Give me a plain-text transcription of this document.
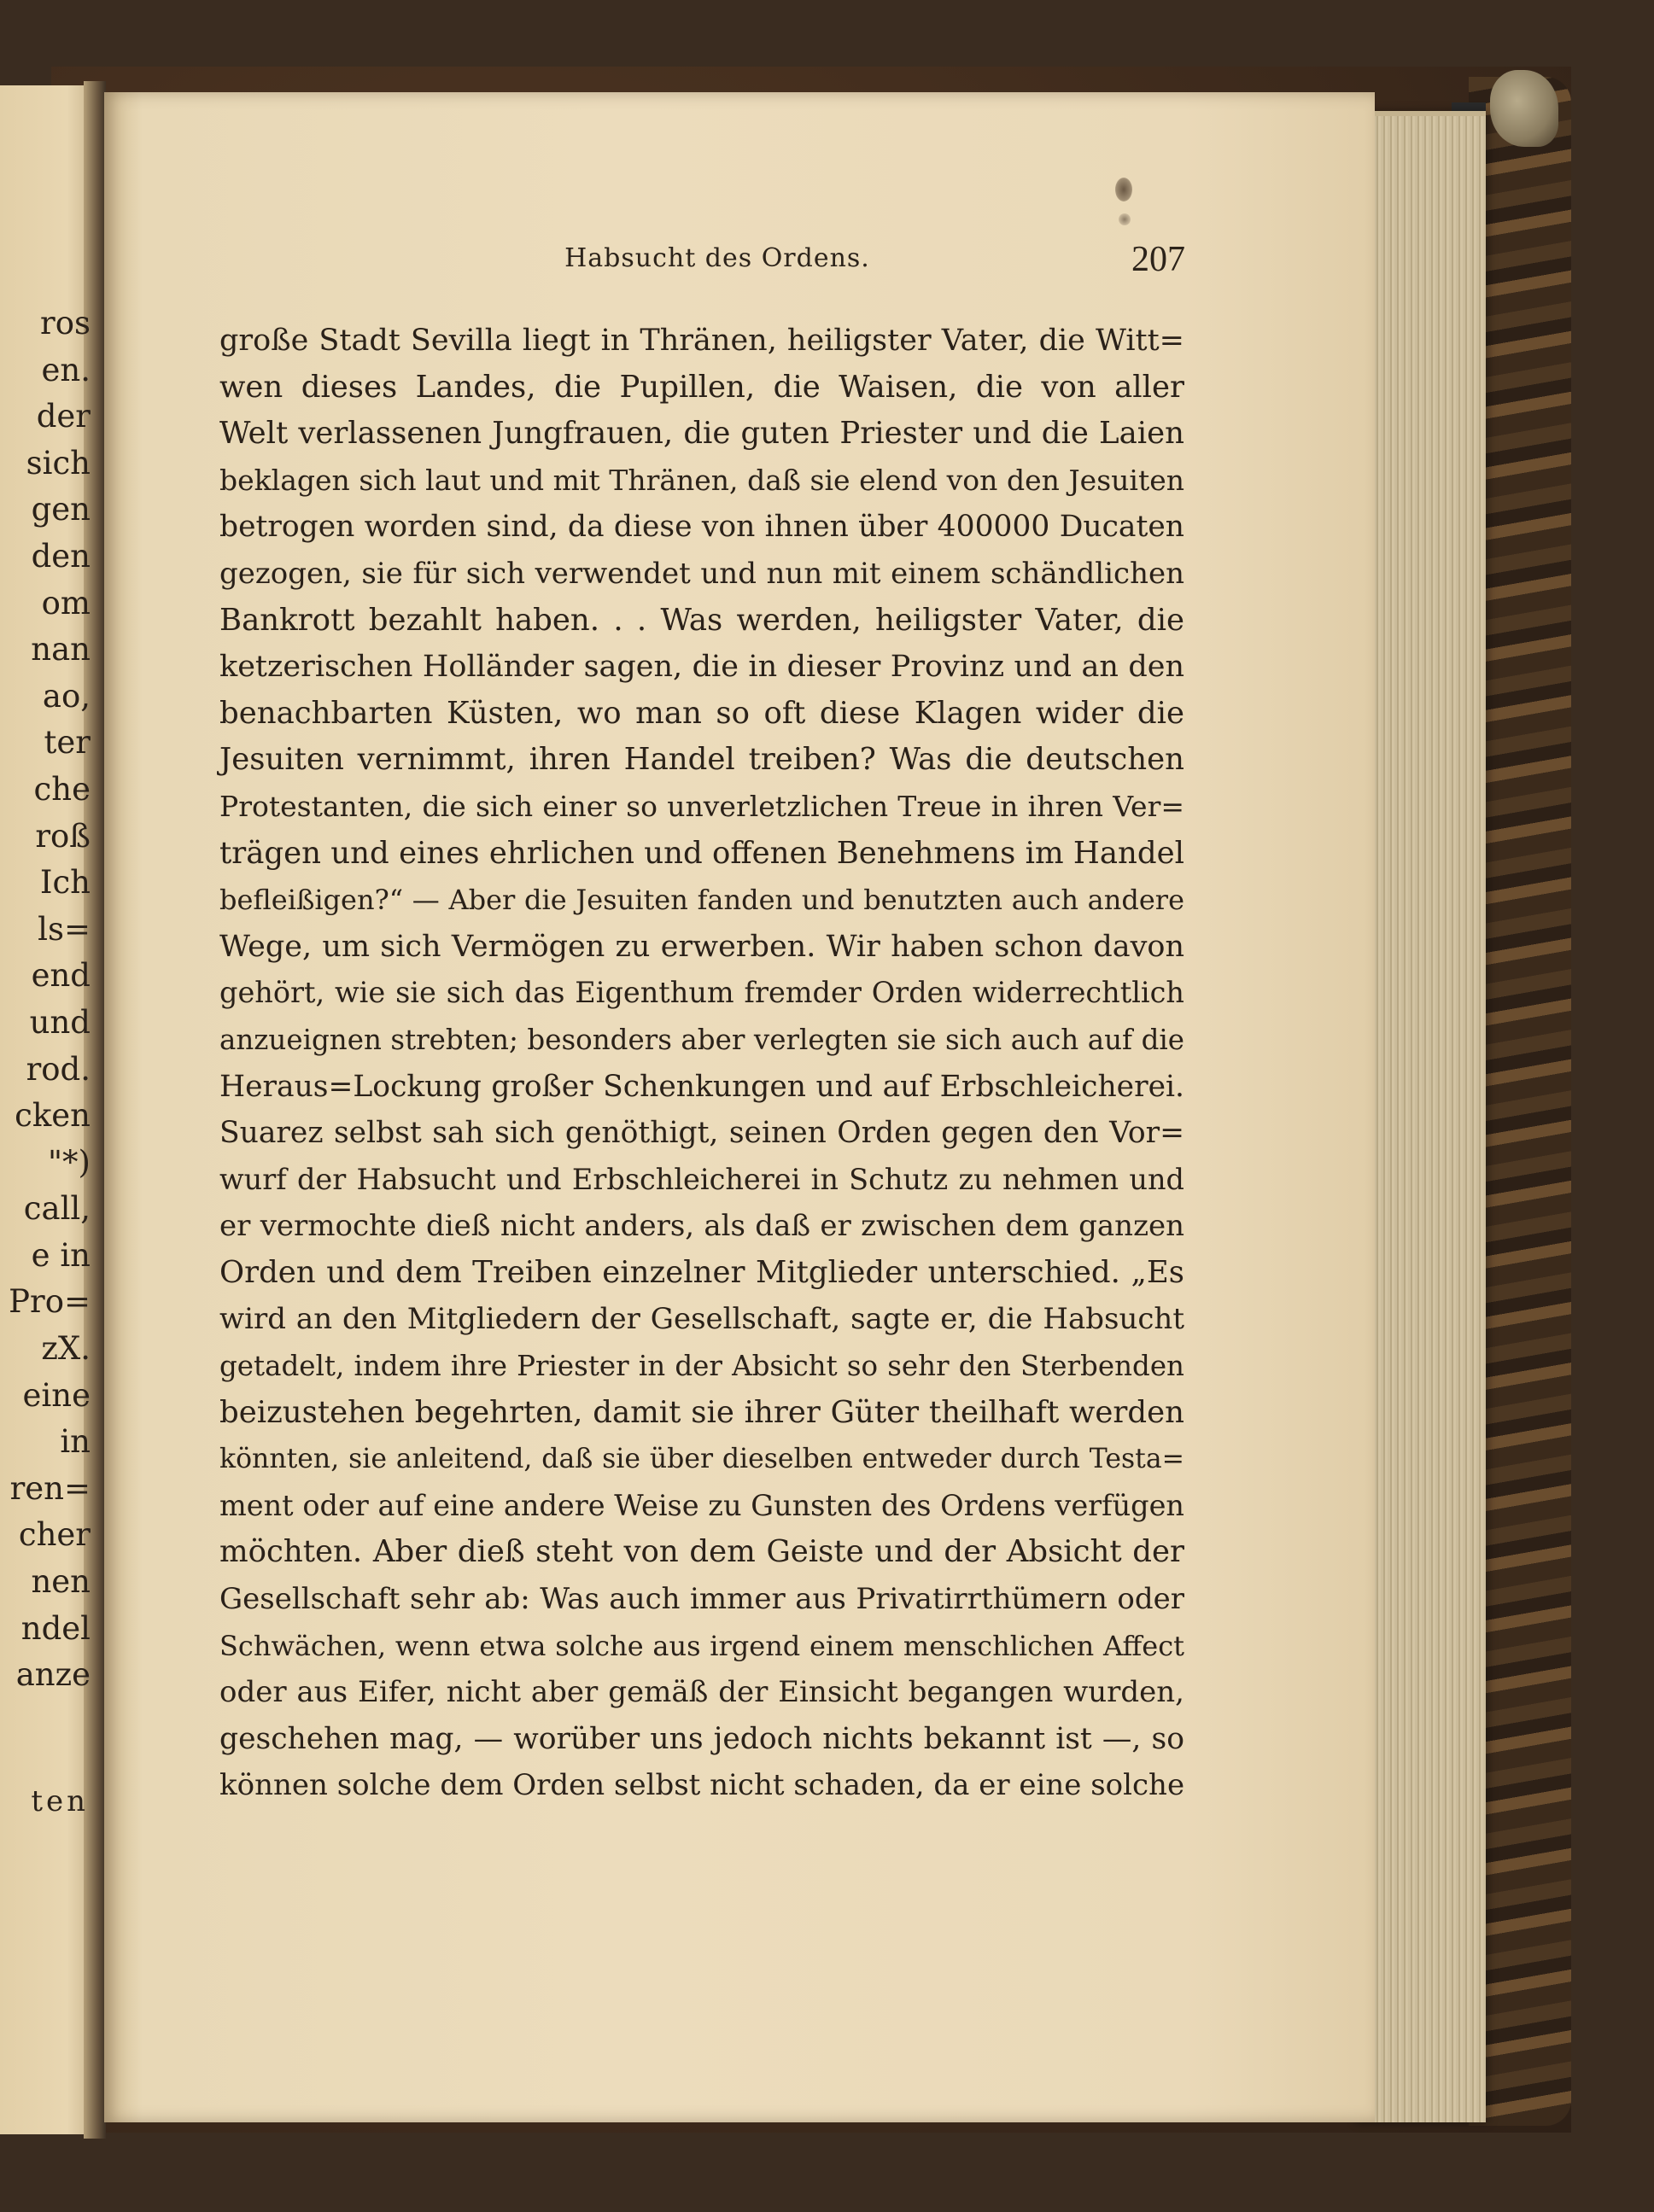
ros
en.
der
sich
gen
den
om
nan
ao,
ter
che
roß
Ich
ls=
end
und
rod.
cken
"*)
call,
e in
Pro=
zX.
eine
in
ren=
cher
nen
ndel
anze
ten
Habsucht des Ordens.	207
große Stadt Sevilla liegt in Thränen, heiligster Vater, die Witt=
wen dieses Landes, die Pupillen, die Waisen, die von aller
Welt verlassenen Jungfrauen, die guten Priester und die Laien
beklagen sich laut und mit Thränen, daß sie elend von den Jesuiten
betrogen worden sind, da diese von ihnen über 400000 Ducaten
gezogen, sie für sich verwendet und nun mit einem schändlichen
Bankrott bezahlt haben. . . Was werden, heiligster Vater, die
ketzerischen Holländer sagen, die in dieser Provinz und an den
benachbarten Küsten, wo man so oft diese Klagen wider die
Jesuiten vernimmt, ihren Handel treiben? Was die deutschen
Protestanten, die sich einer so unverletzlichen Treue in ihren Ver=
trägen und eines ehrlichen und offenen Benehmens im Handel
befleißigen?“ — Aber die Jesuiten fanden und benutzten auch andere
Wege, um sich Vermögen zu erwerben. Wir haben schon davon
gehört, wie sie sich das Eigenthum fremder Orden widerrechtlich
anzueignen strebten; besonders aber verlegten sie sich auch auf die
Heraus=Lockung großer Schenkungen und auf Erbschleicherei.
Suarez selbst sah sich genöthigt, seinen Orden gegen den Vor=
wurf der Habsucht und Erbschleicherei in Schutz zu nehmen und
er vermochte dieß nicht anders, als daß er zwischen dem ganzen
Orden und dem Treiben einzelner Mitglieder unterschied. „Es
wird an den Mitgliedern der Gesellschaft, sagte er, die Habsucht
getadelt, indem ihre Priester in der Absicht so sehr den Sterbenden
beizustehen begehrten, damit sie ihrer Güter theilhaft werden
könnten, sie anleitend, daß sie über dieselben entweder durch Testa=
ment oder auf eine andere Weise zu Gunsten des Ordens verfügen
möchten. Aber dieß steht von dem Geiste und der Absicht der
Gesellschaft sehr ab: Was auch immer aus Privatirrthümern oder
Schwächen, wenn etwa solche aus irgend einem menschlichen Affect
oder aus Eifer, nicht aber gemäß der Einsicht begangen wurden,
geschehen mag, — worüber uns jedoch nichts bekannt ist —, so
können solche dem Orden selbst nicht schaden, da er eine solche
